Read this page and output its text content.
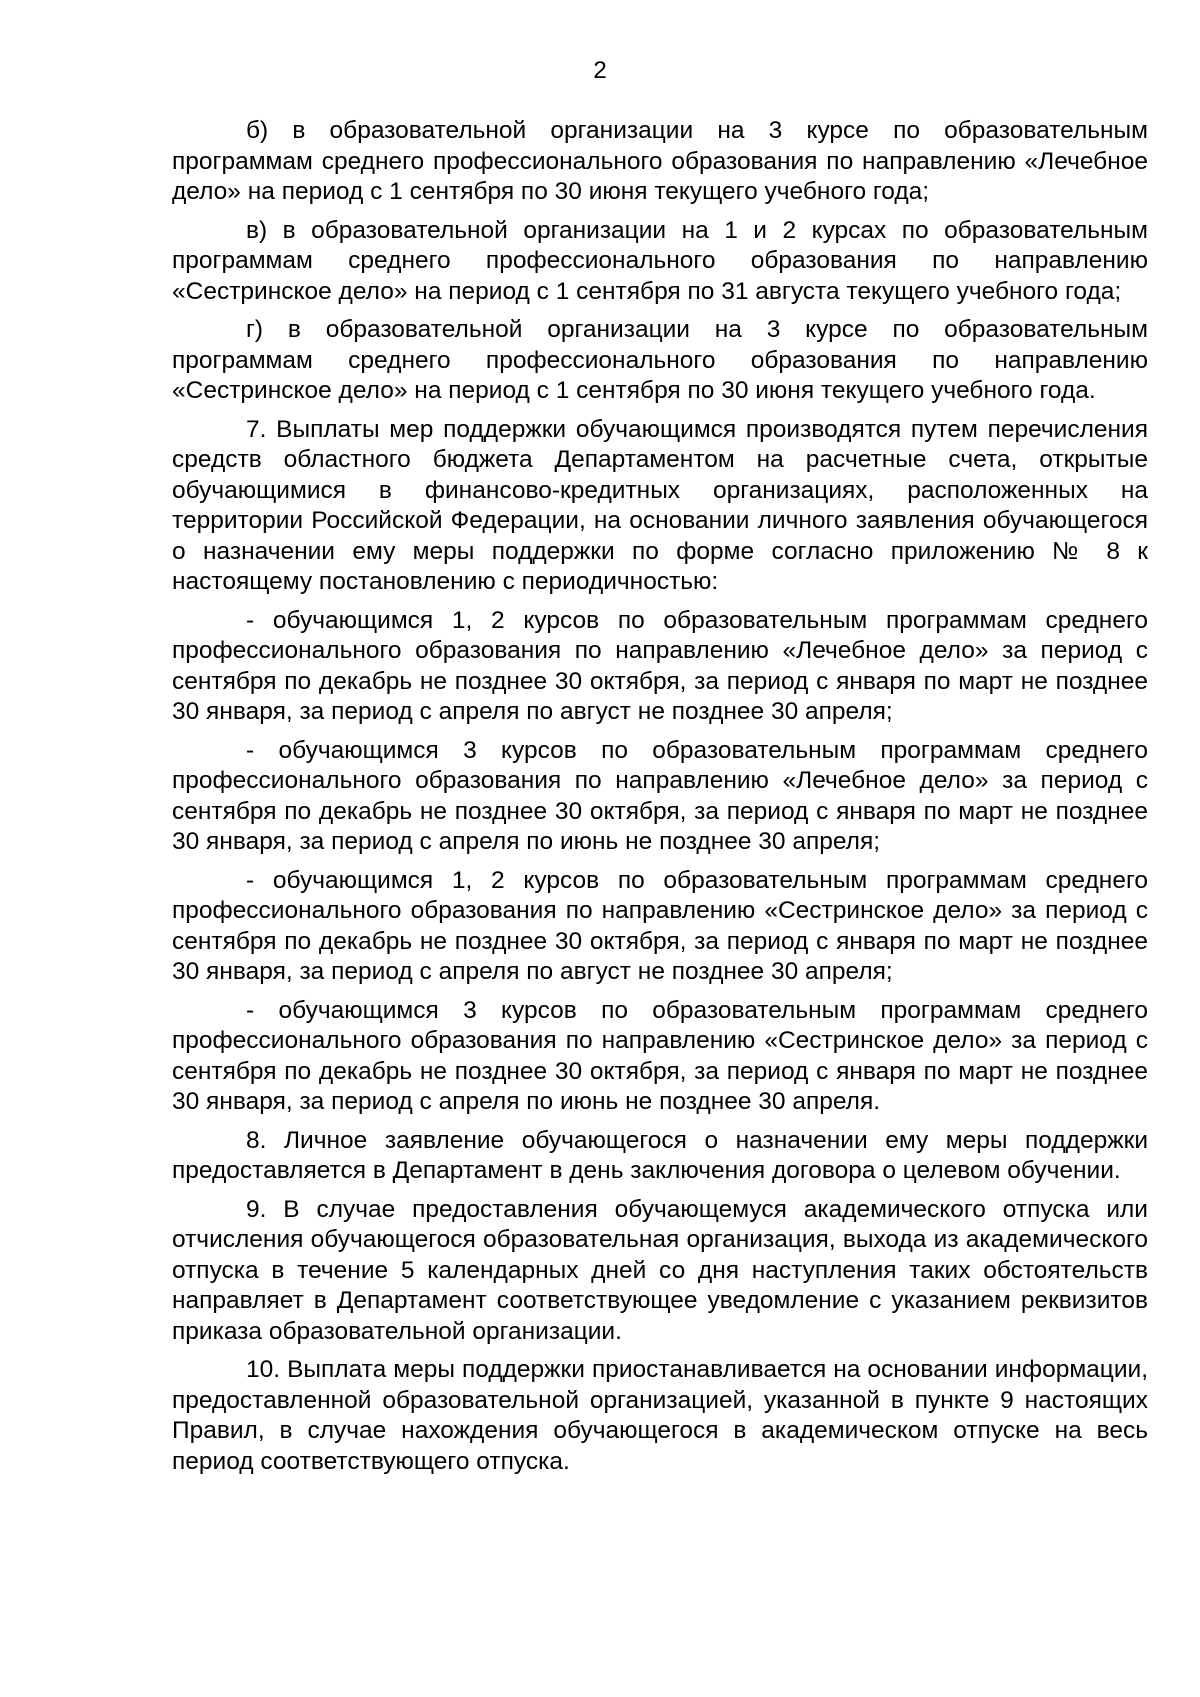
2

б) в образовательной организации на 3 курсе по образовательным программам среднего профессионального образования по направлению «Лечебное дело» на период с 1 сентября по 30 июня текущего учебного года;

в) в образовательной организации на 1 и 2 курсах по образовательным программам среднего профессионального образования по направлению «Сестринское дело» на период с 1 сентября по 31 августа текущего учебного года;

г) в образовательной организации на 3 курсе по образовательным программам среднего профессионального образования по направлению «Сестринское дело» на период с 1 сентября по 30 июня текущего учебного года.

7. Выплаты мер поддержки обучающимся производятся путем перечисления средств областного бюджета Департаментом на расчетные счета, открытые обучающимися в финансово-кредитных организациях, расположенных на территории Российской Федерации, на основании личного заявления обучающегося о назначении ему меры поддержки по форме согласно приложению № 8 к настоящему постановлению с периодичностью:

- обучающимся 1, 2 курсов по образовательным программам среднего профессионального образования по направлению «Лечебное дело» за период с сентября по декабрь не позднее 30 октября, за период с января по март не позднее 30 января, за период с апреля по август не позднее 30 апреля;

- обучающимся 3 курсов по образовательным программам среднего профессионального образования по направлению «Лечебное дело» за период с сентября по декабрь не позднее 30 октября, за период с января по март не позднее 30 января, за период с апреля по июнь не позднее 30 апреля;

- обучающимся 1, 2 курсов по образовательным программам среднего профессионального образования по направлению «Сестринское дело» за период с сентября по декабрь не позднее 30 октября, за период с января по март не позднее 30 января, за период с апреля по август не позднее 30 апреля;

- обучающимся 3 курсов по образовательным программам среднего профессионального образования по направлению «Сестринское дело» за период с сентября по декабрь не позднее 30 октября, за период с января по март не позднее 30 января, за период с апреля по июнь не позднее 30 апреля.

8. Личное заявление обучающегося о назначении ему меры поддержки предоставляется в Департамент в день заключения договора о целевом обучении.

9. В случае предоставления обучающемуся академического отпуска или отчисления обучающегося образовательная организация, выхода из академического отпуска в течение 5 календарных дней со дня наступления таких обстоятельств направляет в Департамент соответствующее уведомление с указанием реквизитов приказа образовательной организации.

10. Выплата меры поддержки приостанавливается на основании информации, предоставленной образовательной организацией, указанной в пункте 9 настоящих Правил, в случае нахождения обучающегося в академическом отпуске на весь период соответствующего отпуска.
